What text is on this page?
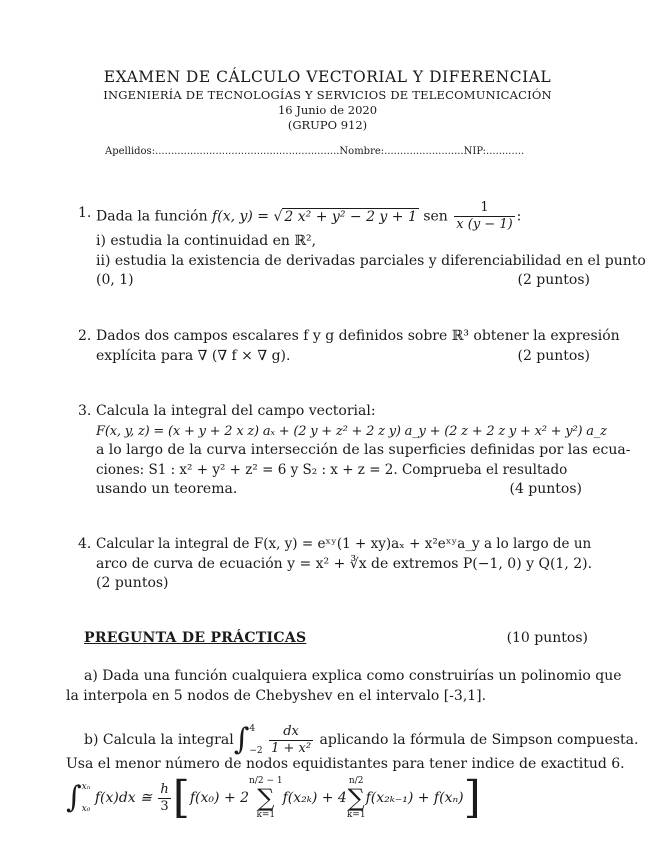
EXAMEN DE CÁLCULO VECTORIAL Y DIFERENCIAL
INGENIERÍA DE TECNOLOGÍAS Y SERVICIOS DE TELECOMUNICACIÓN
16 Junio de 2020
(GRUPO 912)
Apellidos:..........................................................Nombre:.........................NIP:............
1. Dada la función f(x, y) = √ 2 x² + y² − 2 y + 1 sen $\frac{1}{x (y - 1)}$ :
i) estudia la continuidad en ℝ²,
ii) estudia la existencia de derivadas parciales y diferenciabilidad en el punto
(0, 1)	(2 puntos)
2. Dados dos campos escalares f y g definidos sobre ℝ³ obtener la expresión
explícita para ∇ (∇ f × ∇ g).	(2 puntos)
3. Calcula la integral del campo vectorial:
F(x, y, z) = (x + y + 2 x z) aₓ + (2 y + z² + 2 z y) a_y + (2 z + 2 z y + x² + y²) a_z
a lo largo de la curva intersección de las superficies definidas por las ecua-
ciones: S1 : x² + y² + z² = 6 y S₂ : x + z = 2. Comprueba el resultado
usando un teorema.	(4 puntos)
4. Calcular la integral de F(x, y) = eˣʸ(1 + xy)aₓ + x²eˣʸa_y a lo largo de un
arco de curva de ecuación y = x² + ∛x de extremos P(−1, 0) y Q(1, 2).
(2 puntos)
PREGUNTA DE PRÁCTICAS	(10 puntos)
a) Dada una función cualquiera explica como construirías un polinomio que
la interpola en 5 nodos de Chebyshev en el intervalo [-3,1].
b) Calcula la integral∫ 4
−2
$\frac{dx}{\text{1 + x²}}$ aplicando la fórmula de Simpson compuesta.
Usa el menor número de nodos equidistantes para tener indice de exactitud 6.
∫ xₙ
x₀
f(x)dx ≅ $\frac{h}{3} [f(x_0) + 2n/2 - 1$
∑
k=1f(x₂ₖ) + 4n/2
∑
k=1f(x₂ₖ₋₁) + f(xₙ)]
